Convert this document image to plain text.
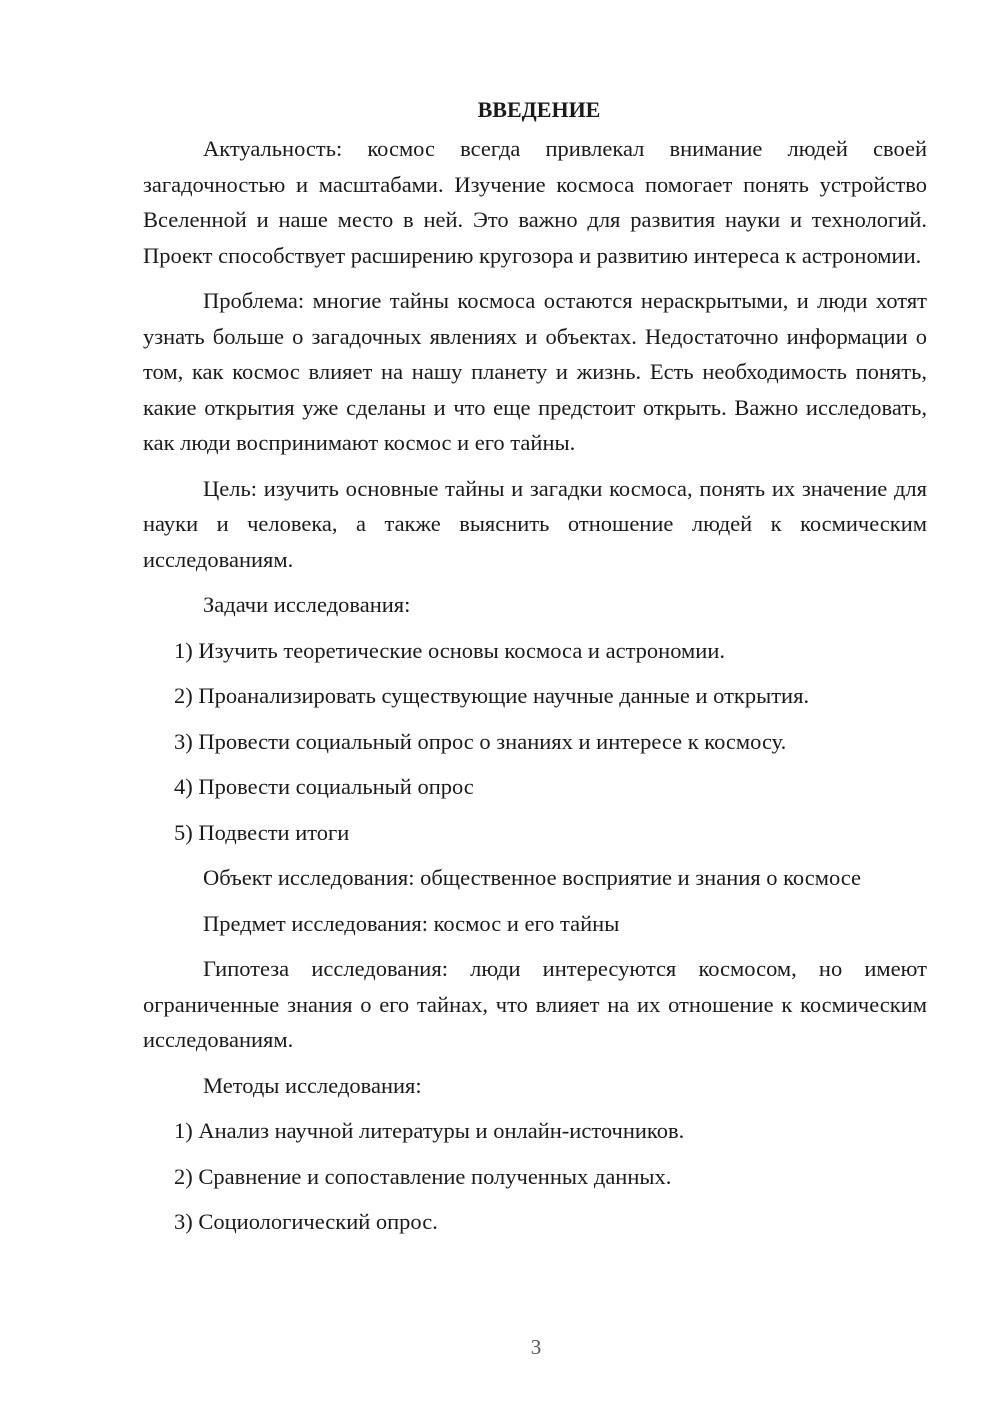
ВВЕДЕНИЕ

Актуальность: космос всегда привлекал внимание людей своей загадочностью и масштабами. Изучение космоса помогает понять устройство Вселенной и наше место в ней. Это важно для развития науки и технологий. Проект способствует расширению кругозора и развитию интереса к астрономии.

Проблема: многие тайны космоса остаются нераскрытыми, и люди хотят узнать больше о загадочных явлениях и объектах. Недостаточно информации о том, как космос влияет на нашу планету и жизнь. Есть необходимость понять, какие открытия уже сделаны и что еще предстоит открыть. Важно исследовать, как люди воспринимают космос и его тайны.

Цель: изучить основные тайны и загадки космоса, понять их значение для науки и человека, а также выяснить отношение людей к космическим исследованиям.

Задачи исследования:
1) Изучить теоретические основы космоса и астрономии.
2) Проанализировать существующие научные данные и открытия.
3) Провести социальный опрос о знаниях и интересе к космосу.
4) Провести социальный опрос
5) Подвести итоги
Объект исследования: общественное восприятие и знания о космосе
Предмет исследования: космос и его тайны

Гипотеза исследования: люди интересуются космосом, но имеют ограниченные знания о его тайнах, что влияет на их отношение к космическим исследованиям.

Методы исследования:
1) Анализ научной литературы и онлайн-источников.
2) Сравнение и сопоставление полученных данных.
3) Социологический опрос.
3
